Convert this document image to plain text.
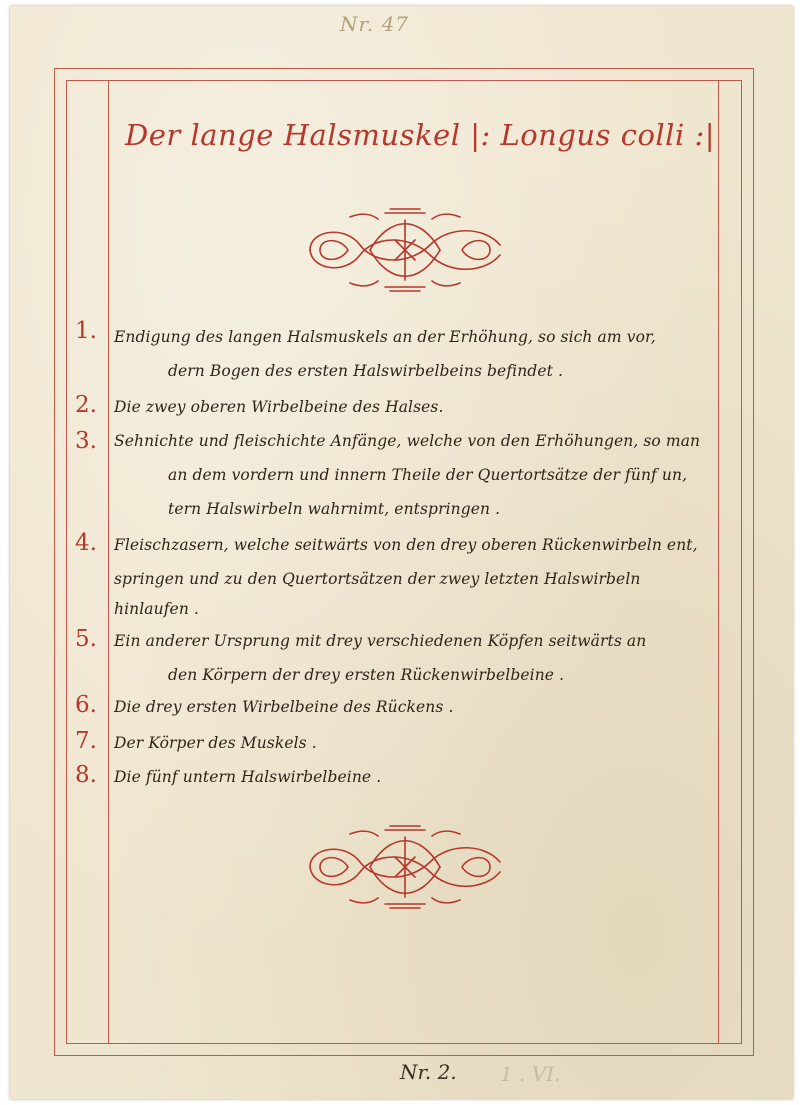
Nr. 47
Der lange Halsmuskel |: Longus colli :|
1.	Endigung des langen Halsmuskels an der Erhöhung, so sich am vor,
dern Bogen des ersten Halswirbelbeins befindet .
2.	Die zwey oberen Wirbelbeine des Halses.
3.	Sehnichte und fleischichte Anfänge, welche von den Erhöhungen, so man
an dem vordern und innern Theile der Quertortsätze der fünf un,
tern Halswirbeln wahrnimt, entspringen .
4.	Fleischzasern, welche seitwärts von den drey oberen Rückenwirbeln ent,
springen und zu den Quertortsätzen der zwey letzten Halswirbeln
hinlaufen .
5.	Ein anderer Ursprung mit drey verschiedenen Köpfen seitwärts an
den Körpern der drey ersten Rückenwirbelbeine .
6.	Die drey ersten Wirbelbeine des Rückens .
7.	Der Körper des Muskels .
8.	Die fünf untern Halswirbelbeine .
Nr. 2. 1 . VI.
